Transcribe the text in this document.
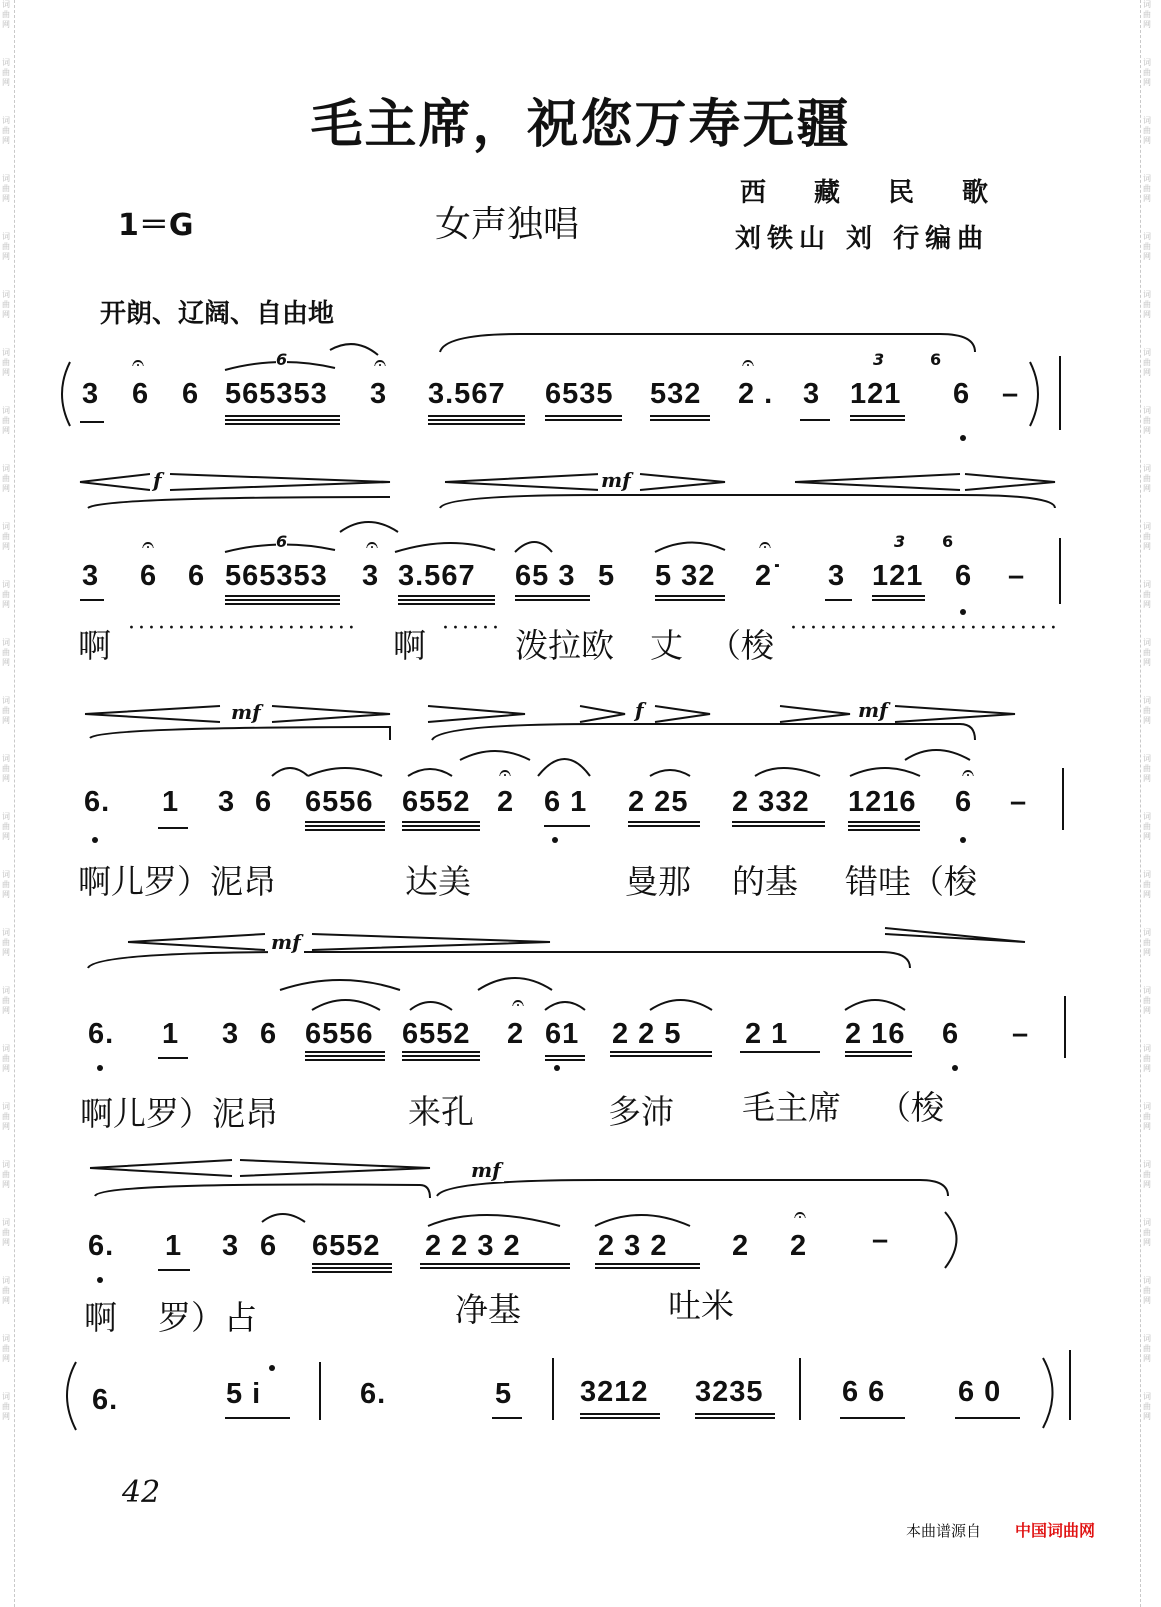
词曲网
词曲网
词曲网
词曲网
词曲网
词曲网
词曲网
词曲网
词曲网
词曲网
词曲网
词曲网
词曲网
词曲网
词曲网
词曲网
词曲网
词曲网
词曲网
词曲网
词曲网
词曲网
词曲网
词曲网
词曲网
词曲网
词曲网
词曲网
词曲网
词曲网
词曲网
词曲网
词曲网
词曲网
词曲网
词曲网
词曲网
词曲网
词曲网
词曲网
词曲网
词曲网
词曲网
词曲网
词曲网
词曲网
词曲网
词曲网
词曲网
词曲网
𝄐	𝄐	𝄐
𝄐	𝄐	𝄐
𝄐	𝄐
𝄐
𝄐
毛主席，祝您万寿无疆
1＝G	女声独唱
西藏民歌
刘铁山 刘 行编曲
开朗、辽阔、自由地
6	3	6
6	3 6
f	mf
mf	f	mf
mf
mf
3 6 6 565353 3 3.567 6535 532 2 . 3 121 6 –
3 6 6 565353 3 3.567 65 3 5 5 32 2˙ 3 121 6 –
啊 ······················· 啊 ······ 泼拉欧 丈 （梭 ···························
6. 1 3 6 6556 6552 2 6 1 2 25 2 332 1216 6 –
啊儿罗）泥昂	达美	曼那 的基 错哇（梭
6. 1 3 6 6556 6552 2 61 2 2 5 2 1 2 16 6 –
啊儿罗）泥昂	来孔	多沛 毛主席 （梭
6. 1 3 6 6552 2 2 3 2	2 3 2 2 2 –
啊 罗）占	净基	吐米
6.	5 i	6.	5 3212 3235	6 6	6 0
42
本曲谱源自 中国词曲网
